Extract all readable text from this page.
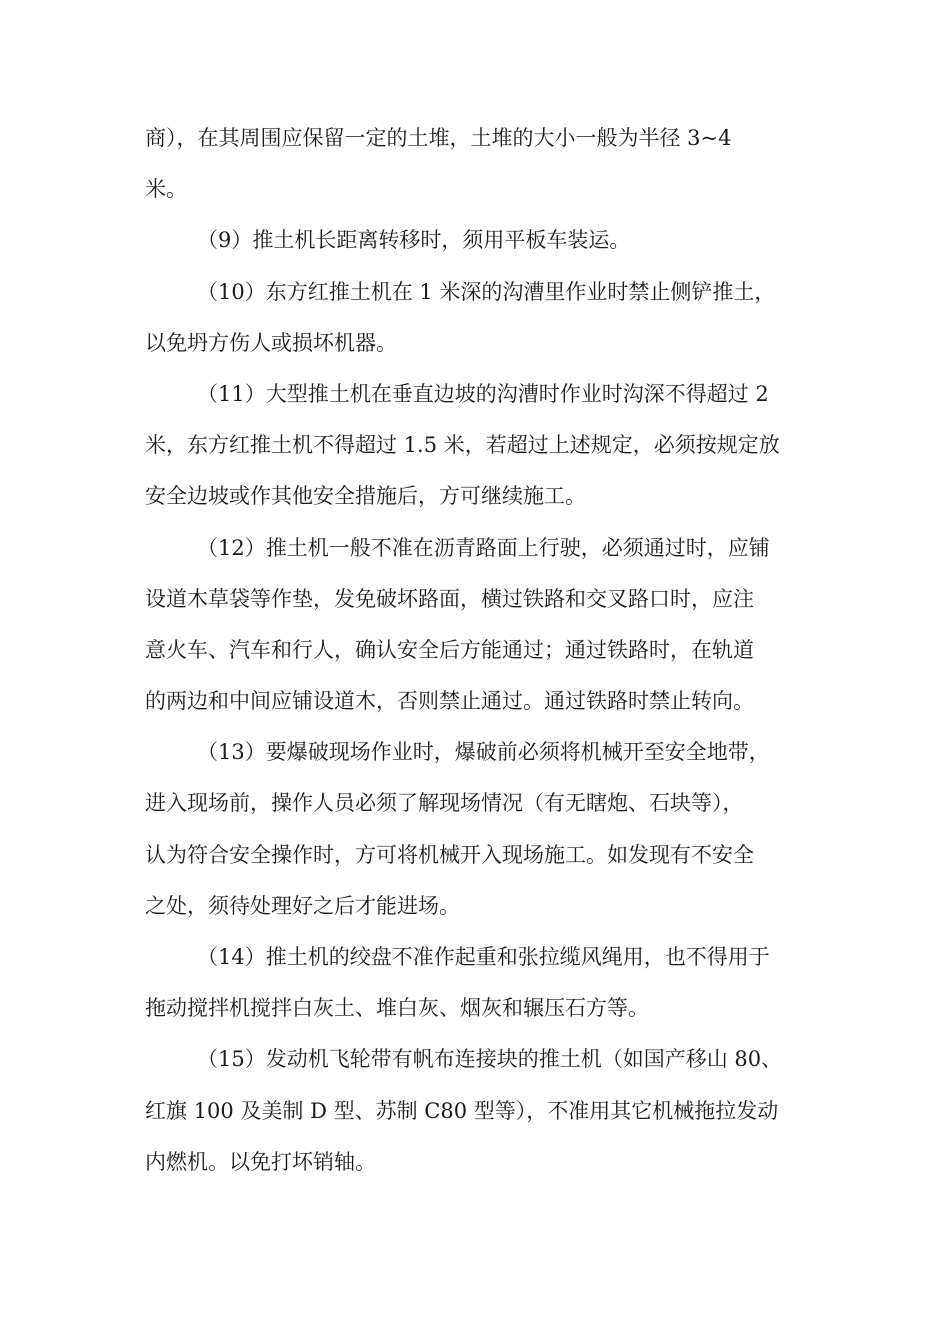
商），在其周围应保留一定的土堆，土堆的大小一般为半径 3~4
米。
（9）推土机长距离转移时，须用平板车装运。
（10）东方红推土机在 1 米深的沟漕里作业时禁止侧铲推土，
以免坍方伤人或损坏机器。
（11）大型推土机在垂直边坡的沟漕时作业时沟深不得超过 2
米，东方红推土机不得超过 1.5 米，若超过上述规定，必须按规定放
安全边坡或作其他安全措施后，方可继续施工。
（12）推土机一般不准在沥青路面上行驶，必须通过时，应铺
设道木草袋等作垫，发免破坏路面，横过铁路和交叉路口时，应注
意火车、汽车和行人，确认安全后方能通过；通过铁路时，在轨道
的两边和中间应铺设道木，否则禁止通过。通过铁路时禁止转向。
（13）要爆破现场作业时，爆破前必须将机械开至安全地带，
进入现场前，操作人员必须了解现场情况（有无瞎炮、石块等），
认为符合安全操作时，方可将机械开入现场施工。如发现有不安全
之处，须待处理好之后才能进场。
（14）推土机的绞盘不准作起重和张拉缆风绳用，也不得用于
拖动搅拌机搅拌白灰土、堆白灰、烟灰和辗压石方等。
（15）发动机飞轮带有帆布连接块的推土机（如国产移山 80、
红旗 100 及美制 D 型、苏制 C80 型等），不准用其它机械拖拉发动
内燃机。以免打坏销轴。
